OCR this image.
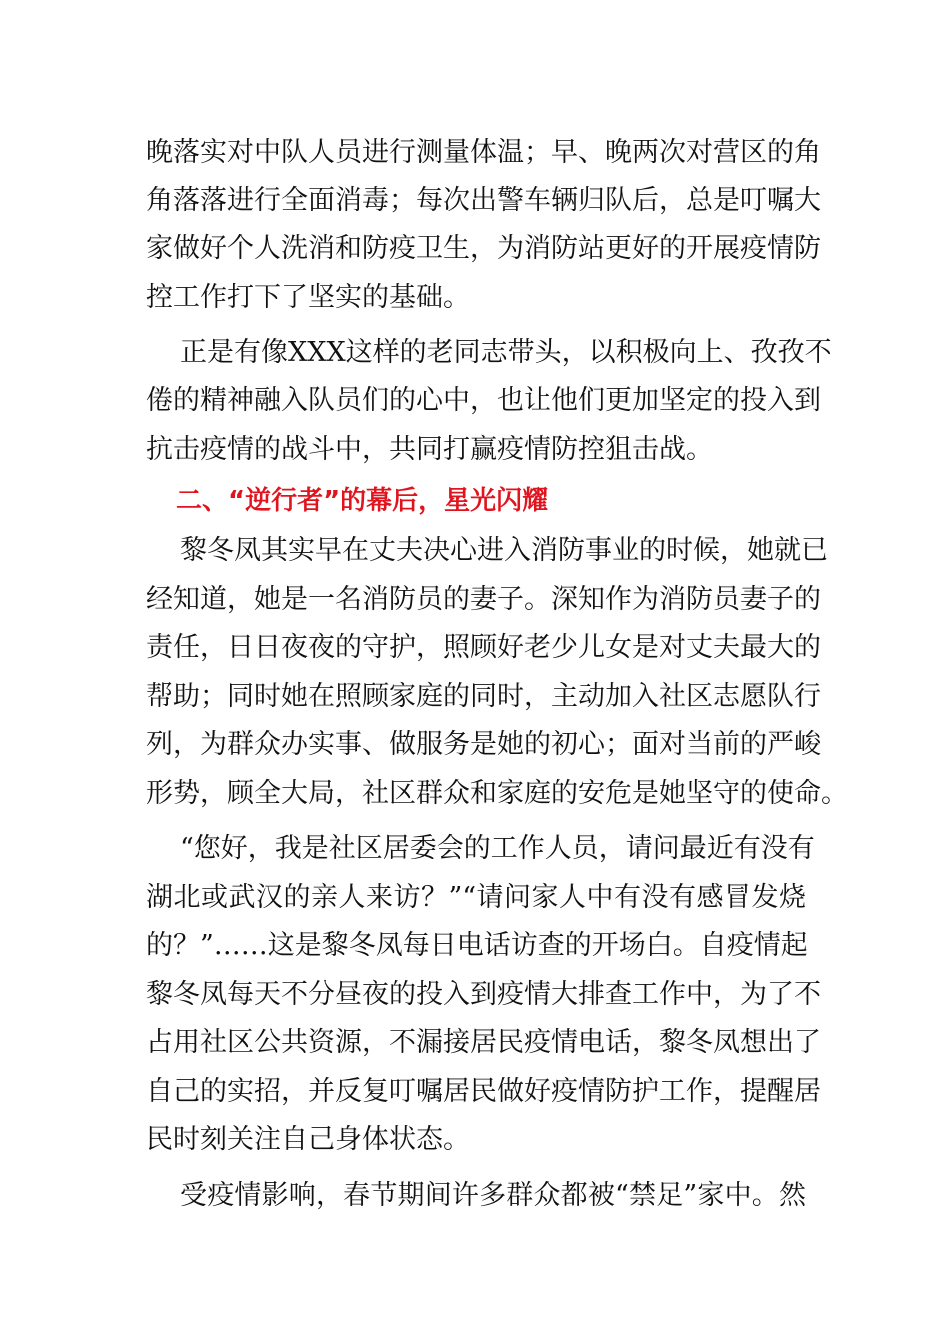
晚落实对中队人员进行测量体温；早、晚两次对营区的角
角落落进行全面消毒；每次出警车辆归队后，总是叮嘱大
家做好个人洗消和防疫卫生，为消防站更好的开展疫情防
控工作打下了坚实的基础。
正是有像XXX这样的老同志带头，以积极向上、孜孜不
倦的精神融入队员们的心中，也让他们更加坚定的投入到
抗击疫情的战斗中，共同打赢疫情防控狙击战。
二、“逆行者”的幕后，星光闪耀
黎冬凤其实早在丈夫决心进入消防事业的时候，她就已
经知道，她是一名消防员的妻子。深知作为消防员妻子的
责任，日日夜夜的守护，照顾好老少儿女是对丈夫最大的
帮助；同时她在照顾家庭的同时，主动加入社区志愿队行
列，为群众办实事、做服务是她的初心；面对当前的严峻
形势，顾全大局，社区群众和家庭的安危是她坚守的使命。
“您好，我是社区居委会的工作人员，请问最近有没有
湖北或武汉的亲人来访？”“请问家人中有没有感冒发烧
的？”……这是黎冬凤每日电话访查的开场白。自疫情起
黎冬凤每天不分昼夜的投入到疫情大排查工作中，为了不
占用社区公共资源，不漏接居民疫情电话，黎冬凤想出了
自己的实招，并反复叮嘱居民做好疫情防护工作，提醒居
民时刻关注自己身体状态。
受疫情影响，春节期间许多群众都被“禁足”家中。然
